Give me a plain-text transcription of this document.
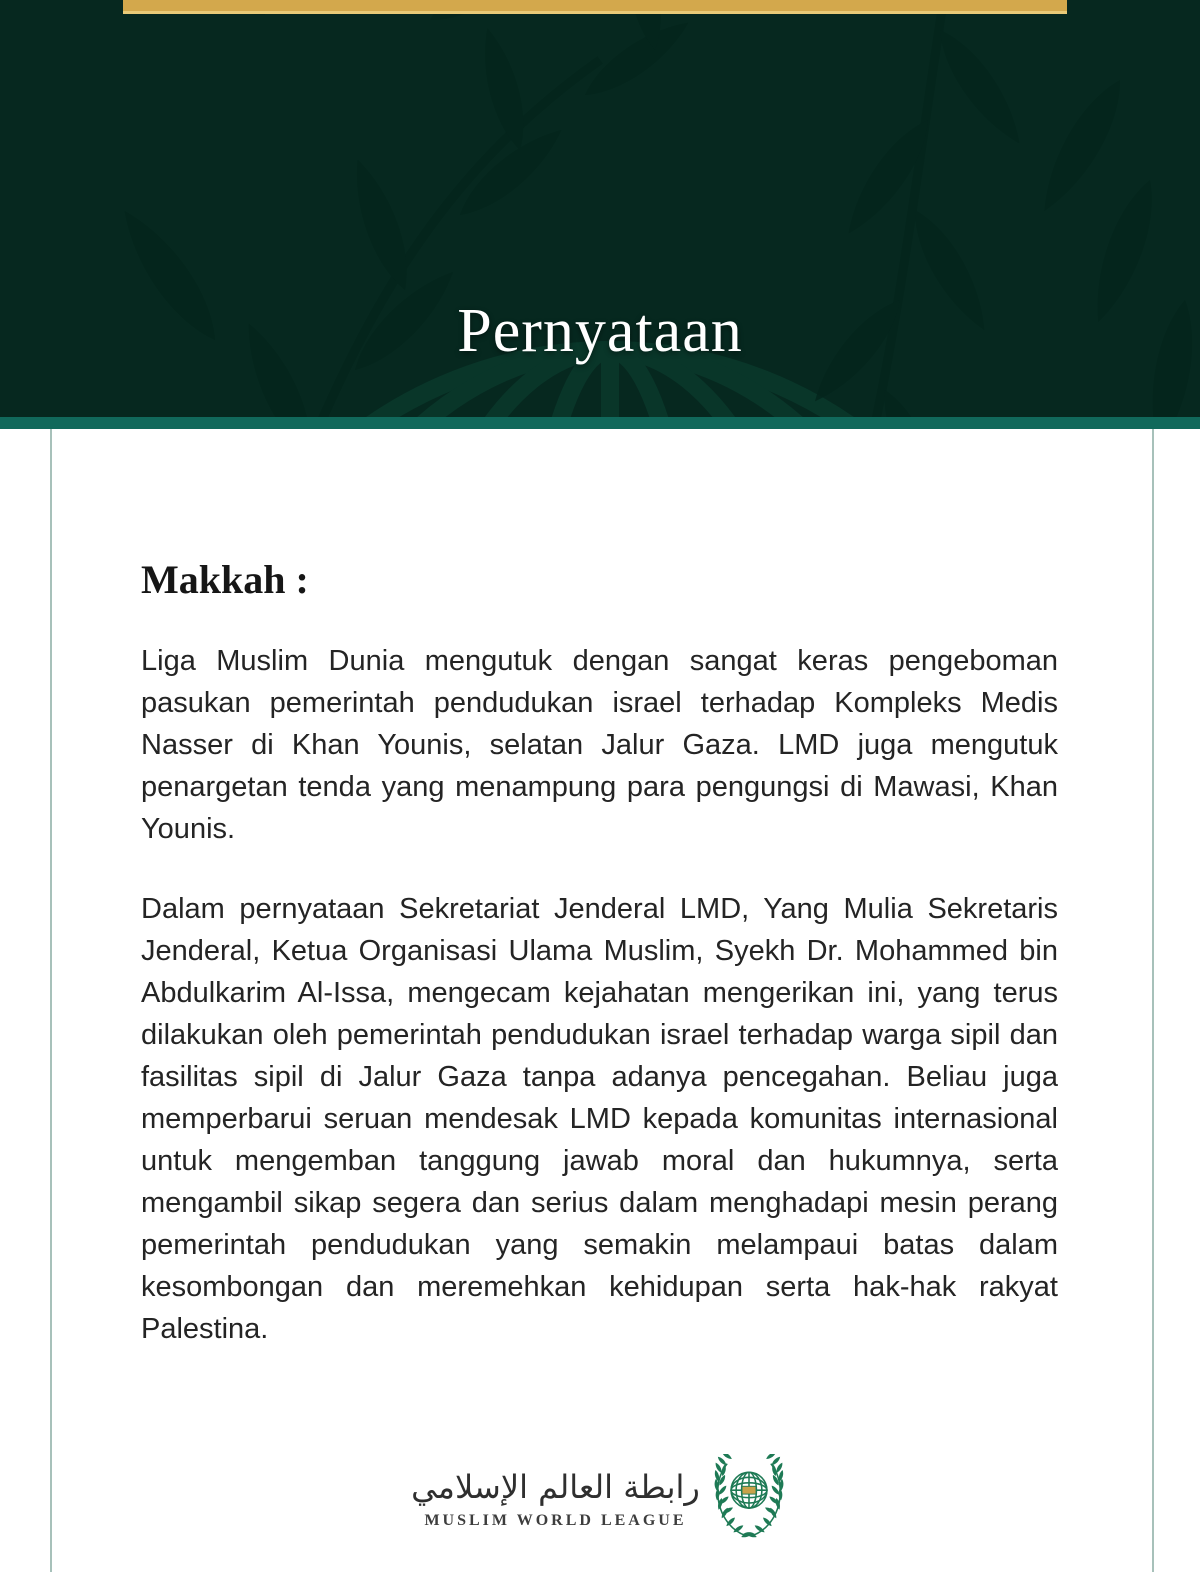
Pernyataan
Makkah :

Liga Muslim Dunia mengutuk dengan sangat keras pengeboman pasukan pemerintah pendudukan israel terhadap Kompleks Medis Nasser di Khan Younis, selatan Jalur Gaza. LMD juga mengutuk penargetan tenda yang menampung para pengungsi di Mawasi, Khan Younis.

Dalam pernyataan Sekretariat Jenderal LMD, Yang Mulia Sekretaris Jenderal, Ketua Organisasi Ulama Muslim, Syekh Dr. Mohammed bin Abdulkarim Al-Issa, mengecam kejahatan mengerikan ini, yang terus dilakukan oleh pemerintah pendudukan israel terhadap warga sipil dan fasilitas sipil di Jalur Gaza tanpa adanya pencegahan. Beliau juga memperbarui seruan mendesak LMD kepada komunitas internasional untuk mengemban tanggung jawab moral dan hukumnya, serta mengambil sikap segera dan serius dalam menghadapi mesin perang pemerintah pendudukan yang semakin melampaui batas dalam kesombongan dan meremehkan kehidupan serta hak-hak rakyat Palestina.

رابطة العالم الإسلامي
MUSLIM WORLD LEAGUE
